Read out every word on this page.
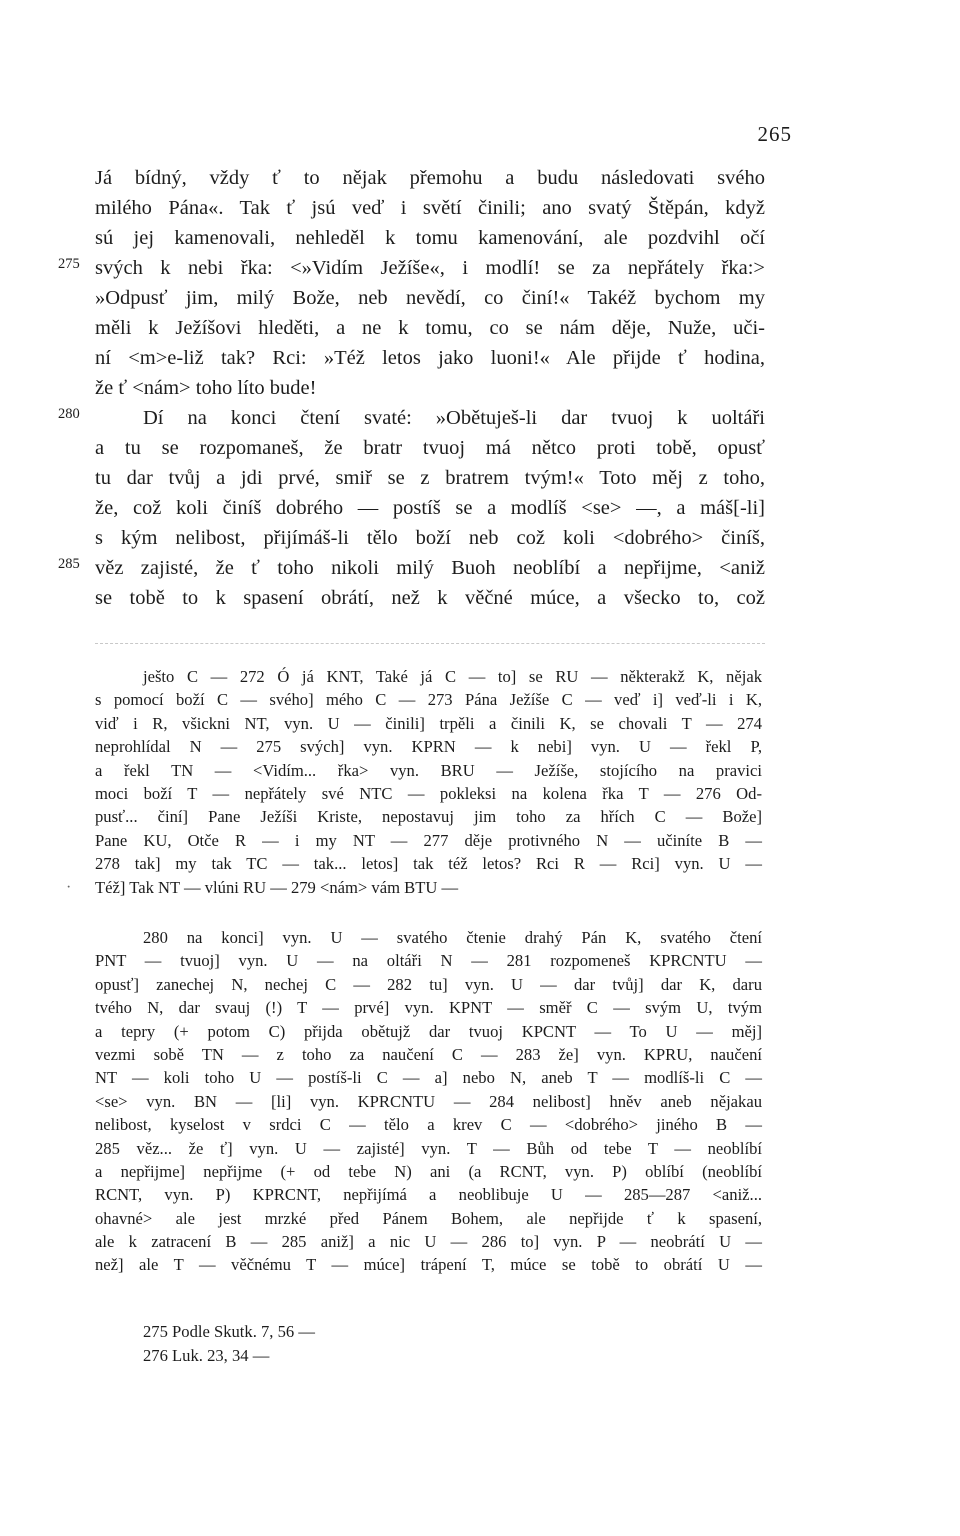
265
Já bídný, vždy ť to nějak přemohu a budu následovati svého
milého Pána«. Tak ť jsú veď i světí činili; ano svatý Štěpán, když
sú jej kamenovali, nehleděl k tomu kamenování, ale pozdvihl očí
275 svých k nebi řka: <»Vidím Ježíše«, i modlí! se za nepřátely řka:>
»Odpusť jim, milý Bože, neb nevědí, co činí!« Takéž bychom my
měli k Ježíšovi hleděti, a ne k tomu, co se nám děje, Nuže, uči-
ní <m>e-liž tak? Rci: »Též letos jako luoni!« Ale přijde ť hodina,
že ť <nám> toho líto bude!
280	Dí na konci čtení svaté: »Obětuješ-li dar tvuoj k uoltáři
a tu se rozpomaneš, že bratr tvuoj má nětco proti tobě, opusť
tu dar tvůj a jdi prvé, smiř se z bratrem tvým!« Toto měj z toho,
že, což koli činíš dobrého — postíš se a modlíš <se> —, a máš[-li]
s kým nelibost, přijímáš-li tělo boží neb což koli <dobrého> činíš,
285 věz zajisté, že ť toho nikoli milý Buoh neoblíbí a nepřijme, <aniž
se tobě to k spasení obrátí, než k věčné múce, a všecko to, což
ješto C — 272 Ó já KNT, Také já C — to] se RU — některakž K, nějak
s pomocí boží C — svého] mého C — 273 Pána Ježíše C — veď i] veď-li i K,
viď i R, všickni NT, vyn. U — činili] trpěli a činili K, se chovali T — 274
neprohlídal N — 275 svých] vyn. KPRN — k nebi] vyn. U — řekl P,
a řekl TN — <Vidím... řka> vyn. BRU — Ježíše, stojícího na pravici
moci boží T — nepřátely své NTC — pokleksi na kolena řka T — 276 Od-
pusť... činí] Pane Ježíši Kriste, nepostavuj jim toho za hřích C — Bože]
Pane KU, Otče R — i my NT — 277 děje protivného N — učiníte B —
278 tak] my tak TC — tak... letos] tak též letos? Rci R — Rci] vyn. U —
· Též] Tak NT — vlúni RU — 279 <nám> vám BTU —
280 na konci] vyn. U — svatého čtenie drahý Pán K, svatého čtení
PNT — tvuoj] vyn. U — na oltáři N — 281 rozpomeneš KPRCNTU —
opusť] zanechej N, nechej C — 282 tu] vyn. U — dar tvůj] dar K, daru
tvého N, dar svauj (!) T — prvé] vyn. KPNT — směř C — svým U, tvým
a tepry (+ potom C) přijda obětujž dar tvuoj KPCNT — To U — měj]
vezmi sobě TN — z toho za naučení C — 283 že] vyn. KPRU, naučení
NT — koli toho U — postíš-li C — a] nebo N, aneb T — modlíš-li C —
<se> vyn. BN — [li] vyn. KPRCNTU — 284 nelibost] hněv aneb nějakau
nelibost, kyselost v srdci C — tělo a krev C — <dobrého> jiného B —
285 věz... že ť] vyn. U — zajisté] vyn. T — Bůh od tebe T — neoblíbí
a nepřijme] nepřijme (+ od tebe N) ani (a RCNT, vyn. P) oblíbí (neoblíbí
RCNT, vyn. P) KPRCNT, nepřijímá a neoblibuje U — 285—287 <aniž...
ohavné> ale jest mrzké před Pánem Bohem, ale nepřijde ť k spasení,
ale k zatracení B — 285 aniž] a nic U — 286 to] vyn. P — neobrátí U —
než] ale T — věčnému T — múce] trápení T, múce se tobě to obrátí U —
275 Podle Skutk. 7, 56 —
276 Luk. 23, 34 —
